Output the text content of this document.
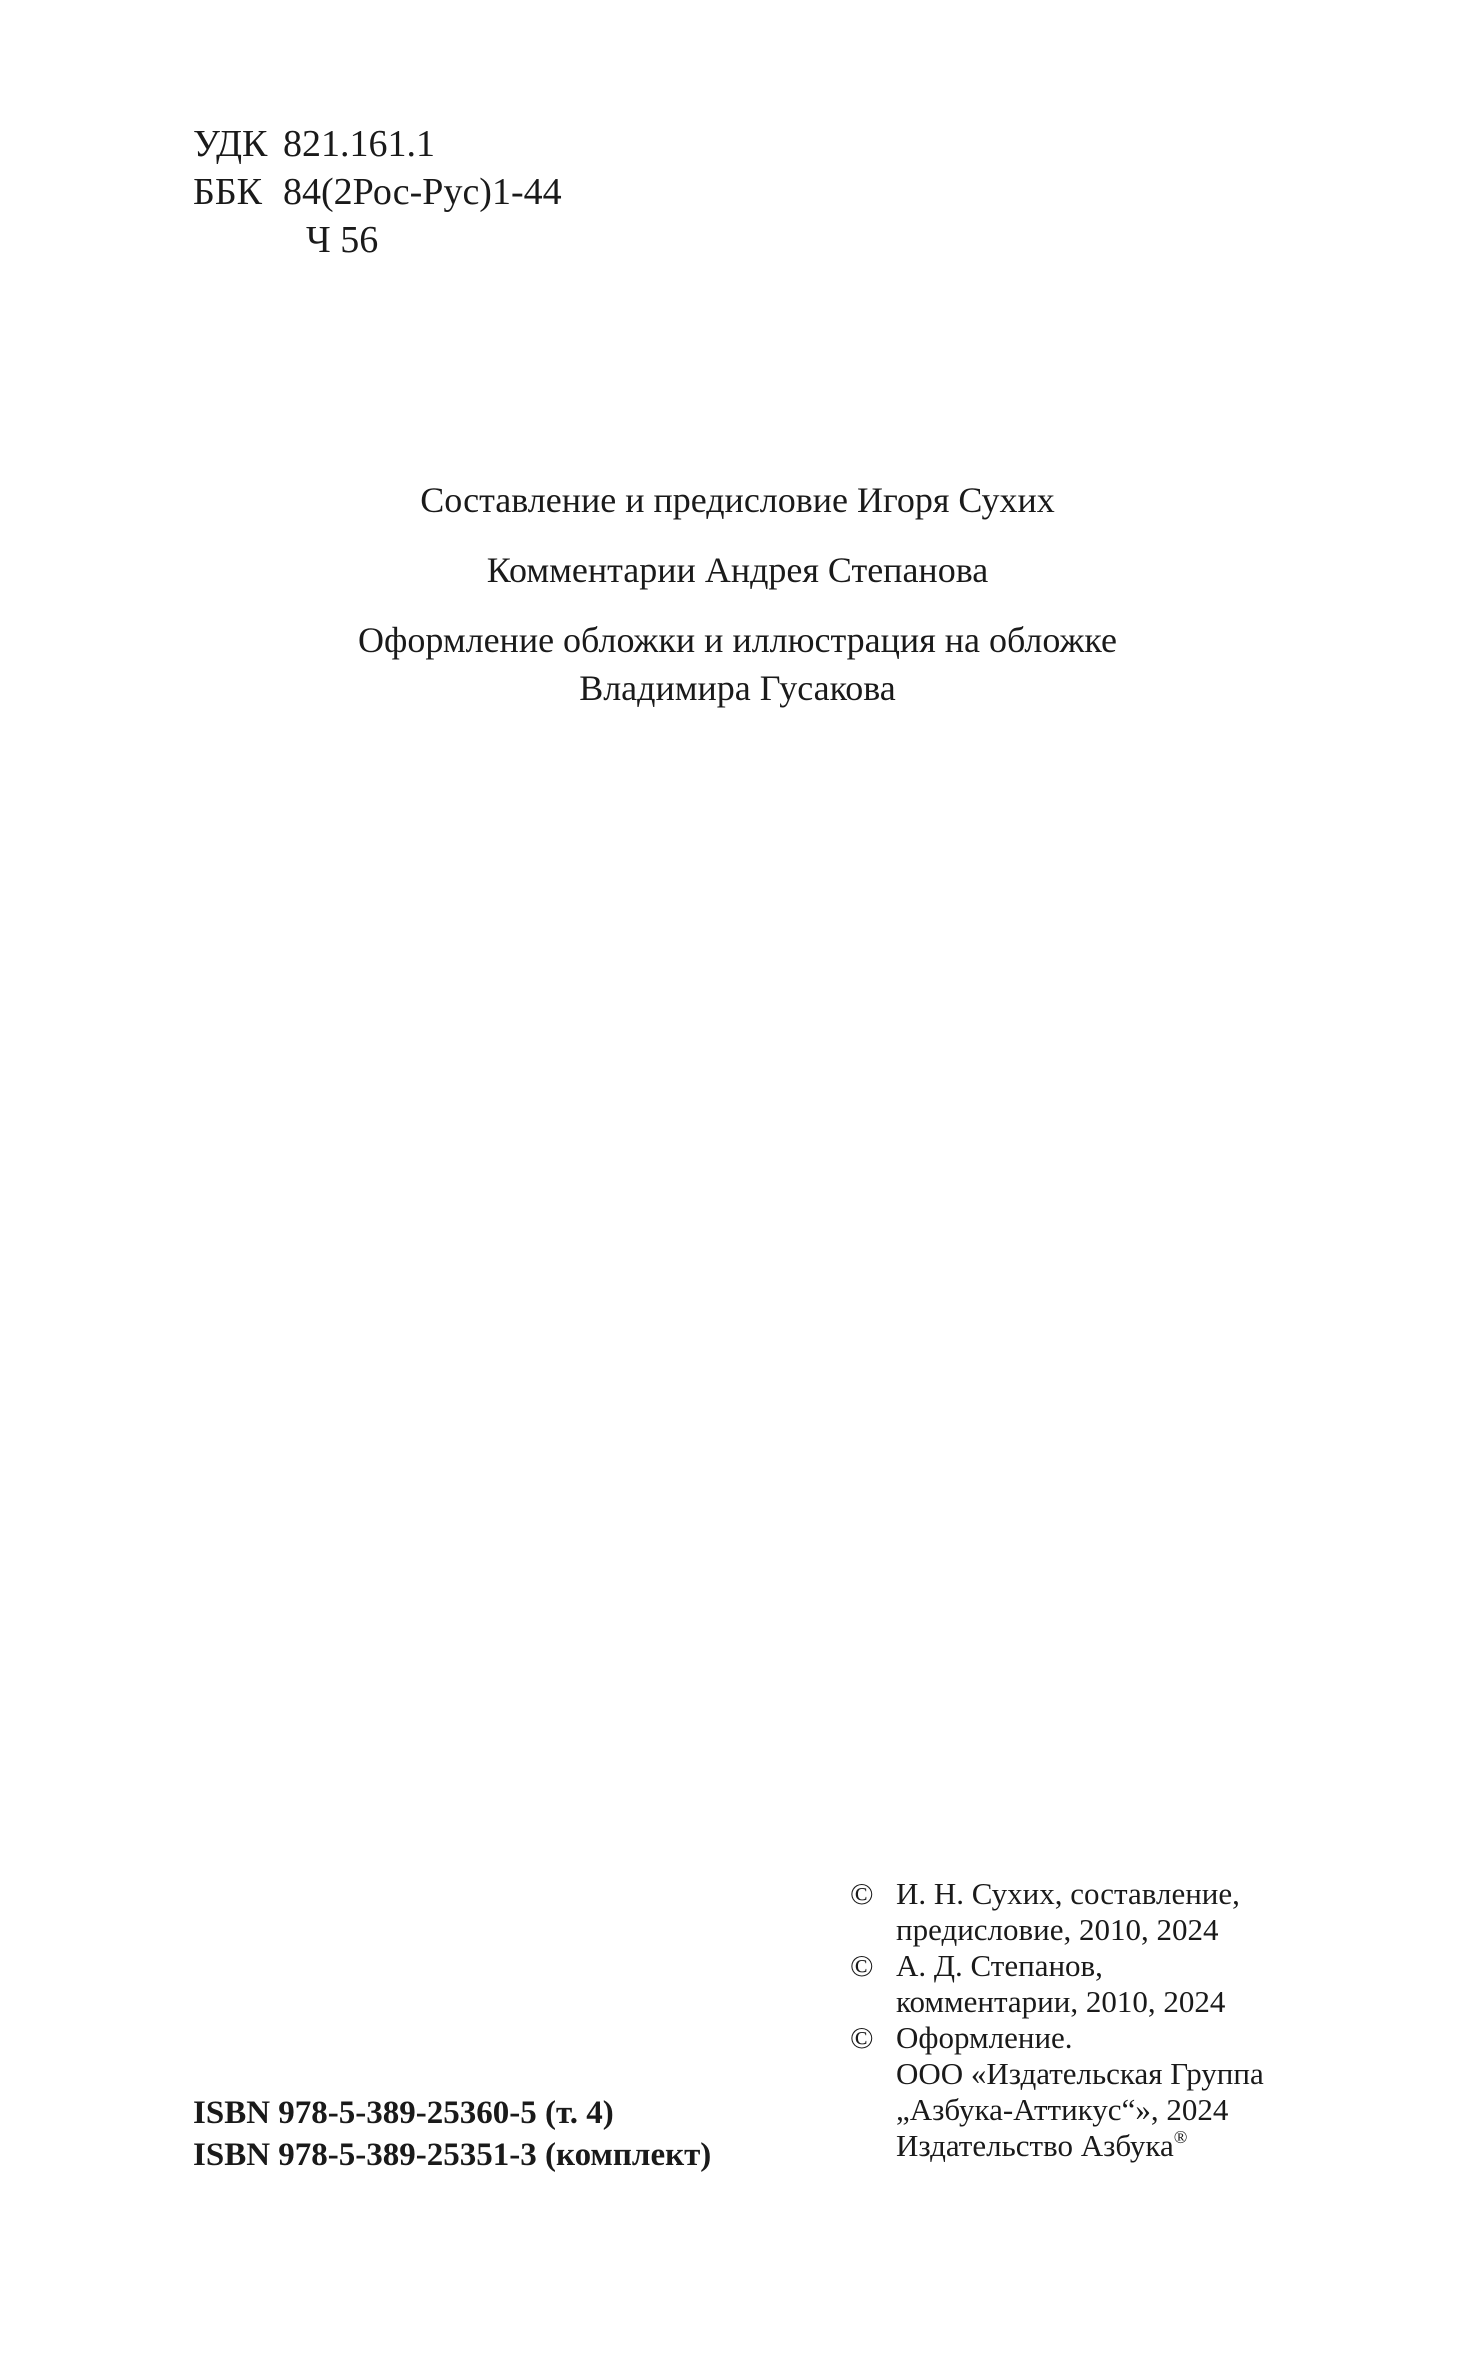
УДК 821.161.1
ББК 84(2Рос-Рус)1-44
Ч 56
Составление и предисловие Игоря Сухих
Комментарии Андрея Степанова
Оформление обложки и иллюстрация на обложке
Владимира Гусакова
ISBN 978-5-389-25360-5 (т. 4)
ISBN 978-5-389-25351-3 (комплект)
© И. Н. Сухих, составление,
предисловие, 2010, 2024
© А. Д. Степанов,
комментарии, 2010, 2024
© Оформление.
ООО «Издательская Группа
„Азбука-Аттикус“», 2024
Издательство Азбука®
